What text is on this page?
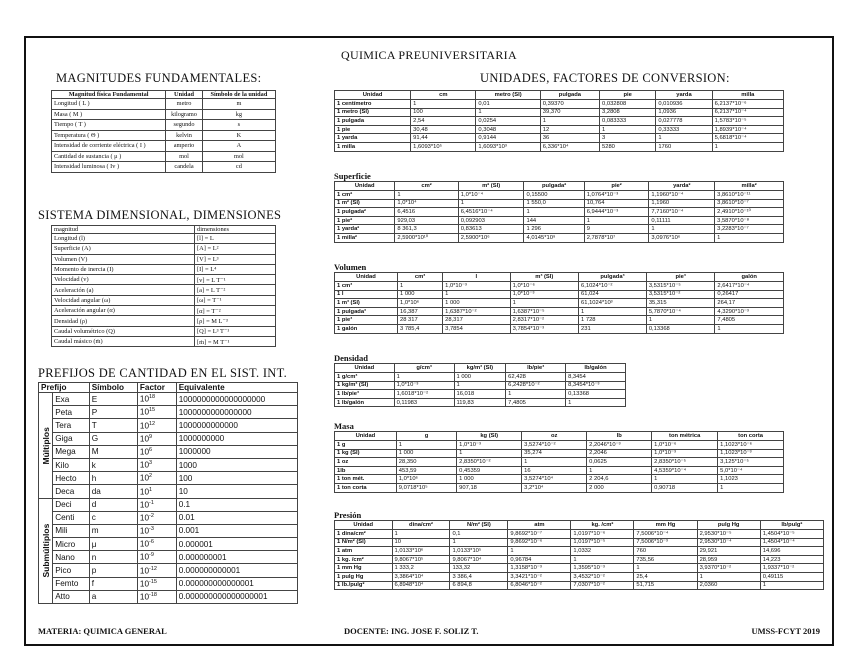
QUIMICA PREUNIVERSITARIA
MAGNITUDES FUNDAMENTALES:
Magnitud física Fundamental	Unidad	Símbolo de la unidad
Longitud ( L )	metro	m
Masa ( M )	kilogramo	kg
Tiempo ( T )	segundo	s
Temperatura ( Θ )	kelvin	K
Intensidad de corriente eléctrica ( I )	amperio	A
Cantidad de sustancia ( μ )	mol	mol
Intensidad luminosa ( Iv )	candela	cd
SISTEMA DIMENSIONAL, DIMENSIONES
magnitud	dimensiones
Longitud (l)	[l] = L
Superficie (A)	[A] = L²
Volumen (V)	[V] = L³
Momento de inercia (I)	[I] = L⁴
Velocidad (v)	[v] = L T⁻¹
Aceleración (a)	[a] = L T⁻²
Velocidad angular (ω)	[ω] = T⁻¹
Aceleración angular (α)	[α] = T⁻²
Densidad (ρ)	[ρ] = M L⁻³
Caudal volumétrico (Q)	[Q] = L³ T⁻¹
Caudal másico (ṁ)	[ṁ] = M T⁻¹
PREFIJOS DE CANTIDAD EN EL SIST. INT.
Prefijo		Símbolo	Factor	Equivalente
Múltiplos	Exa	E	$10^{18}$	1000000000000000000
	Peta	P	$10^{15}$	1000000000000000
	Tera	T	$10^{12}$	1000000000000
	Giga	G	$10^9$	1000000000
	Mega	M	$10^6$	1000000
	Kilo	k	$10^3$	1000
	Hecto	h	$10^2$	100
	Deca	da	$10^1$	10
Submúltiplos	Deci	d	$10^{-1}$	0.1
	Centi	c	$10^{-2}$	0.01
	Mili	m	$10^{-3}$	0.001
	Micro	μ	$10^{-6}$	0.000001
	Nano	n	$10^{-9}$	0.000000001
	Pico	p	$10^{-12}$	0.000000000001
	Femto	f	$10^{-15}$	0.000000000000001
	Atto	a	$10^{-18}$	0.000000000000000001
UNIDADES, FACTORES DE CONVERSION:
Unidad	cm	metro (SI)	pulgada	pie	yarda	milla
1 centímetro	1	0,01	0,39370	0,032808	0,010936	6,2137*10⁻⁶
1 metro (SI)	100	1	39,370	3,2808	1,0936	6,2137*10⁻⁴
1 pulgada	2,54	0,0254	1	0,083333	0,027778	1,5783*10⁻⁵
1 pie	30,48	0,3048	12	1	0,33333	1,8939*10⁻⁴
1 yarda	91,44	0,9144	36	3	1	5,6818*10⁻⁴
1 milla	1,6093*10⁵	1,6093*10³	6,336*10⁴	5280	1760	1
Superficie
Unidad	cm²	m² (SI)	pulgada²	pie²	yarda²	milla²
1 cm²	1	1,0*10⁻⁴	0,15500	1,0764*10⁻³	1,1960*10⁻⁴	3,8610*10⁻¹¹
1 m² (SI)	1,0*10⁴	1	1 550,0	10,764	1,1960	3,8610*10⁻⁷
1 pulgada²	6,4516	6,4516*10⁻⁴	1	6,9444*10⁻³	7,7160*10⁻⁴	2,4910*10⁻¹⁰
1 pie²	929,03	0,092903	144	1	0,11111	3,5870*10⁻⁸
1 yarda²	8 361,3	0,83613	1 296	9	1	3,2283*10⁻⁷
1 milla²	2,5900*10¹⁰	2,5900*10⁶	4,0145*10⁹	2,7878*10⁷	3,0976*10⁶	1
Volumen
Unidad	cm³	l	m³ (SI)	pulgada³	pie³	galón
1 cm³	1	1,0*10⁻³	1,0*10⁻⁶	6,1024*10⁻²	3,5315*10⁻⁵	2,6417*10⁻⁴
1 l	1 000	1	1,0*10⁻³	61,024	3,5315*10⁻²	0,26417
1 m³ (SI)	1,0*10⁶	1 000	1	61,1024*10³	35,315	264,17
1 pulgada³	16,387	1,6387*10⁻²	1,6387*10⁻⁵	1	5,7870*10⁻⁴	4,3290*10⁻³
1 pie³	28 317	28,317	2,8317*10⁻²	1 728	1	7,4805
1 galón	3 785,4	3,7854	3,7854*10⁻³	231	0,13368	1
Densidad
Unidad	g/cm³	kg/m³ (SI)	lb/pie³	lb/galón
1 g/cm³	1	1 000	62,428	8,3454
1 kg/m³ (SI)	1,0*10⁻³	1	6,2428*10⁻²	8,3454*10⁻³
1 lb/pie³	1,6018*10⁻²	16,018	1	0,13368
1 lb/galón	0,11983	119,83	7,4805	1
Masa
Unidad	g	kg (SI)	oz	lb	ton métrica	ton corta
1 g	1	1,0*10⁻³	3,5274*10⁻²	2,2046*10⁻³	1,0*10⁻⁶	1,1023*10⁻⁶
1 kg (SI)	1 000	1	35,274	2,2046	1,0*10⁻³	1,1023*10⁻³
1 oz	28,350	2,8350*10⁻²	1	0,0625	2,8350*10⁻⁵	3,125*10⁻⁵
1lb	453,59	0,45359	16	1	4,5359*10⁻⁴	5,0*10⁻⁴
1 ton mét.	1,0*10⁶	1 000	3,5274*10⁴	2 204,6	1	1,1023
1 ton corta	9,0718*10⁵	907,18	3,2*10⁴	2 000	0,90718	1
Presión
Unidad	dina/cm²	N/m² (SI)	atm	kg. /cm²	mm Hg	pulg Hg	lb/pulg²
1 dina/cm²	1	0,1	9,8692*10⁻⁷	1,0197*10⁻⁶	7,5006*10⁻⁴	2,9530*10⁻⁵	1,4504*10⁻⁵
1 N/m² (SI)	10	1	9,8692*10⁻⁶	1,0197*10⁻⁵	7,5006*10⁻³	2,9530*10⁻⁴	1,4504*10⁻⁴
1 atm	1,0133*10⁶	1,0133*10⁵	1	1,0332	760	29,921	14,696
1 kg. /cm²	9,8067*10⁵	9,8067*10⁴	0,96784	1	735,56	28,959	14,223
1 mm Hg	1 333,2	133,32	1,3158*10⁻³	1,3595*10⁻³	1	3,9370*10⁻²	1,9337*10⁻²
1 pulg Hg	3,3864*10⁴	3 386,4	3,3421*10⁻²	3,4532*10⁻²	25,4	1	0,49115
1 lb./pulg²	6,8948*10⁴	6 894,8	6,8046*10⁻²	7,0307*10⁻²	51,715	2,0360	1
MATERIA: QUIMICA GENERAL	DOCENTE: ING. JOSE F. SOLIZ T.	UMSS-FCYT 2019
